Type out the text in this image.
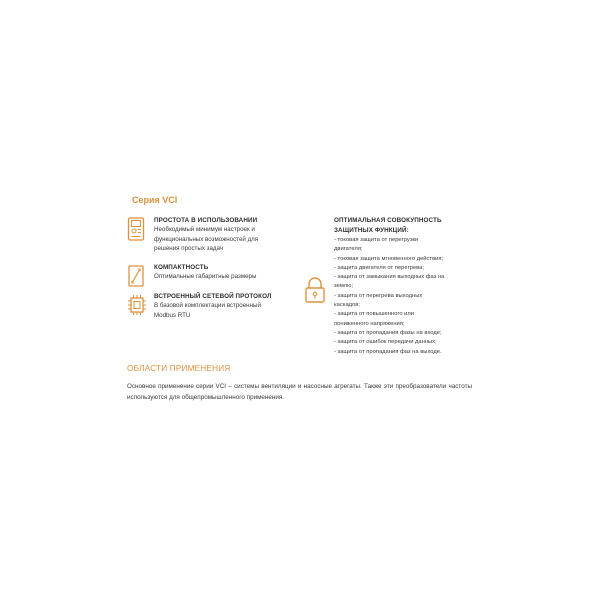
Серия VCI
ПРОСТОТА В ИСПОЛЬЗОВАНИИ
Необходимый минимум настроек и
функциональных возможностей для
решения простых задач
КОМПАКТНОСТЬ
Оптимальные габаритные размеры
ВСТРОЕННЫЙ СЕТЕВОЙ ПРОТОКОЛ
В базовой комплектации встроенный
Modbus RTU
ОПТИМАЛЬНАЯ СОВОКУПНОСТЬ
ЗАЩИТНЫХ ФУНКЦИЙ:
- токовая защита от перегрузки
двигателя;
- токовая защита мгновенного действия;
- защита двигателя от перегрева;
- защита от замыкания выходных фаз на
землю;
- защита от перегрева выходных
каскадов;
- защита от повышенного или
пониженного напряжения;
- защита от пропадания фазы на входе;
- защита от ошибок передачи данных;
- защита от пропадания фаз на выходе.
ОБЛАСТИ ПРИМЕНЕНИЯ
Основное применение серии VCI – системы вентиляции и насосные агрегаты. Также эти преобразователи частоты используются для общепромышленного применения.
